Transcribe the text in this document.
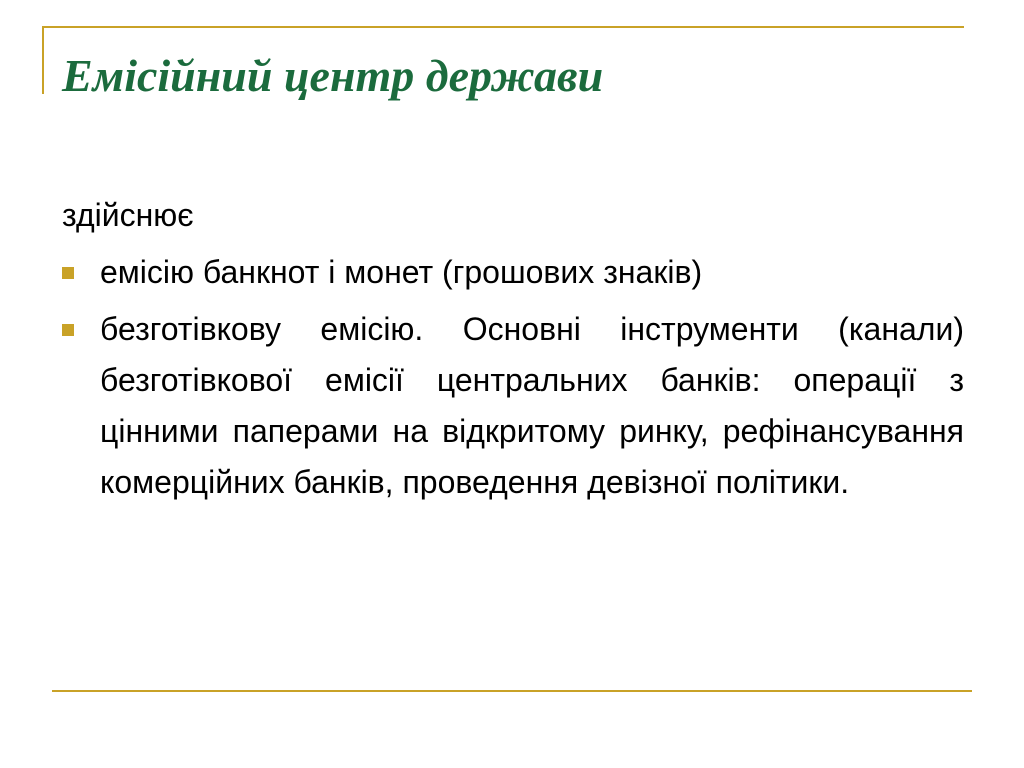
Емісійний центр держави

здійснює

емісію банкнот і монет (грошових знаків)
безготівкову емісію. Основні інструменти (канали) безготівкової емісії центральних банків: операції з цінними паперами на відкритому ринку, рефінансування комерційних банків, проведення девізної політики.
